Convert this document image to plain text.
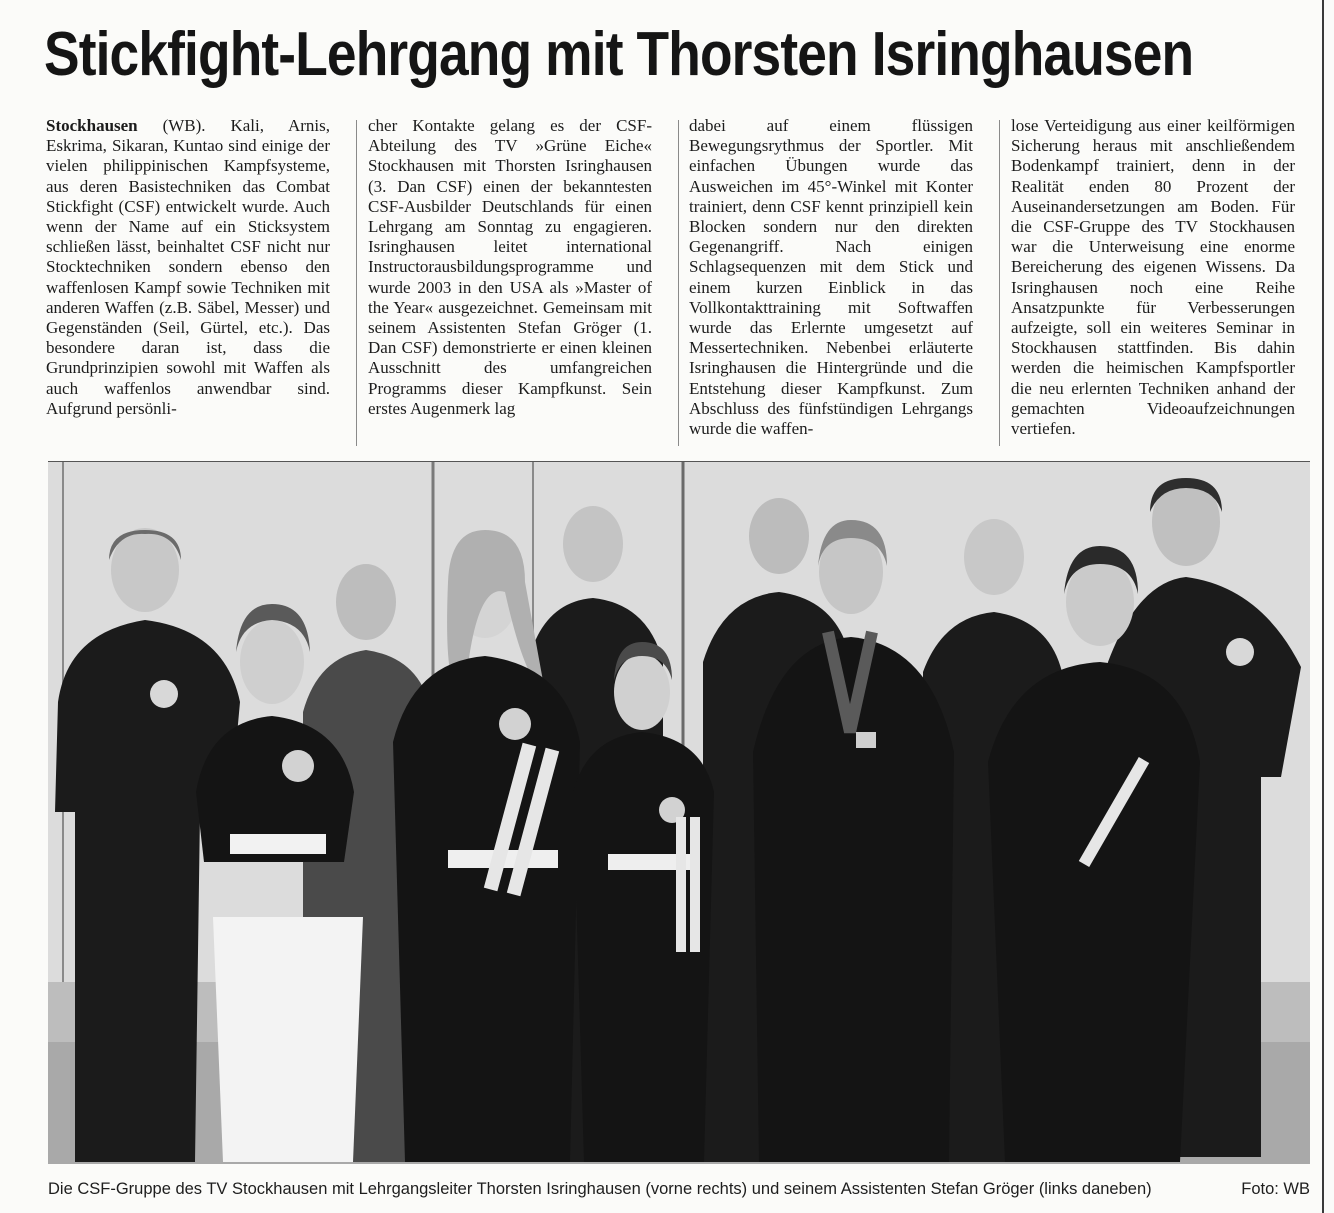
Stickfight-Lehrgang mit Thorsten Isringhausen
Stockhausen (WB). Kali, Arnis, Eskrima, Sikaran, Kuntao sind einige der vielen philippinischen Kampfsysteme, aus deren Basistechniken das Combat Stickfight (CSF) entwickelt wurde. Auch wenn der Name auf ein Sticksystem schließen lässt, beinhaltet CSF nicht nur Stocktechniken sondern ebenso den waffenlosen Kampf sowie Techniken mit anderen Waffen (z.B. Säbel, Messer) und Gegenständen (Seil, Gürtel, etc.). Das besondere daran ist, dass die Grundprinzipien sowohl mit Waffen als auch waffenlos anwendbar sind. Aufgrund persönli-
cher Kontakte gelang es der CSF-Abteilung des TV »Grüne Eiche« Stockhausen mit Thorsten Isringhausen (3. Dan CSF) einen der bekanntesten CSF-Ausbilder Deutschlands für einen Lehrgang am Sonntag zu engagieren. Isringhausen leitet international Instructorausbildungsprogramme und wurde 2003 in den USA als »Master of the Year« ausgezeichnet. Gemeinsam mit seinem Assistenten Stefan Gröger (1. Dan CSF) demonstrierte er einen kleinen Ausschnitt des umfangreichen Programms dieser Kampfkunst. Sein erstes Augenmerk lag
dabei auf einem flüssigen Bewegungsrythmus der Sportler. Mit einfachen Übungen wurde das Ausweichen im 45°-Winkel mit Konter trainiert, denn CSF kennt prinzipiell kein Blocken sondern nur den direkten Gegenangriff. Nach einigen Schlagsequenzen mit dem Stick und einem kurzen Einblick in das Vollkontakttraining mit Softwaffen wurde das Erlernte umgesetzt auf Messertechniken. Nebenbei erläuterte Isringhausen die Hintergründe und die Entstehung dieser Kampfkunst. Zum Abschluss des fünfstündigen Lehrgangs wurde die waffen-
lose Verteidigung aus einer keilförmigen Sicherung heraus mit anschließendem Bodenkampf trainiert, denn in der Realität enden 80 Prozent der Auseinandersetzungen am Boden. Für die CSF-Gruppe des TV Stockhausen war die Unterweisung eine enorme Bereicherung des eigenen Wissens. Da Isringhausen noch eine Reihe Ansatzpunkte für Verbesserungen aufzeigte, soll ein weiteres Seminar in Stockhausen stattfinden. Bis dahin werden die heimischen Kampfsportler die neu erlernten Techniken anhand der gemachten Videoaufzeichnungen vertiefen.
Die CSF-Gruppe des TV Stockhausen mit Lehrgangsleiter Thorsten Isringhausen (vorne rechts) und seinem Assistenten Stefan Gröger (links daneben)	Foto: WB
